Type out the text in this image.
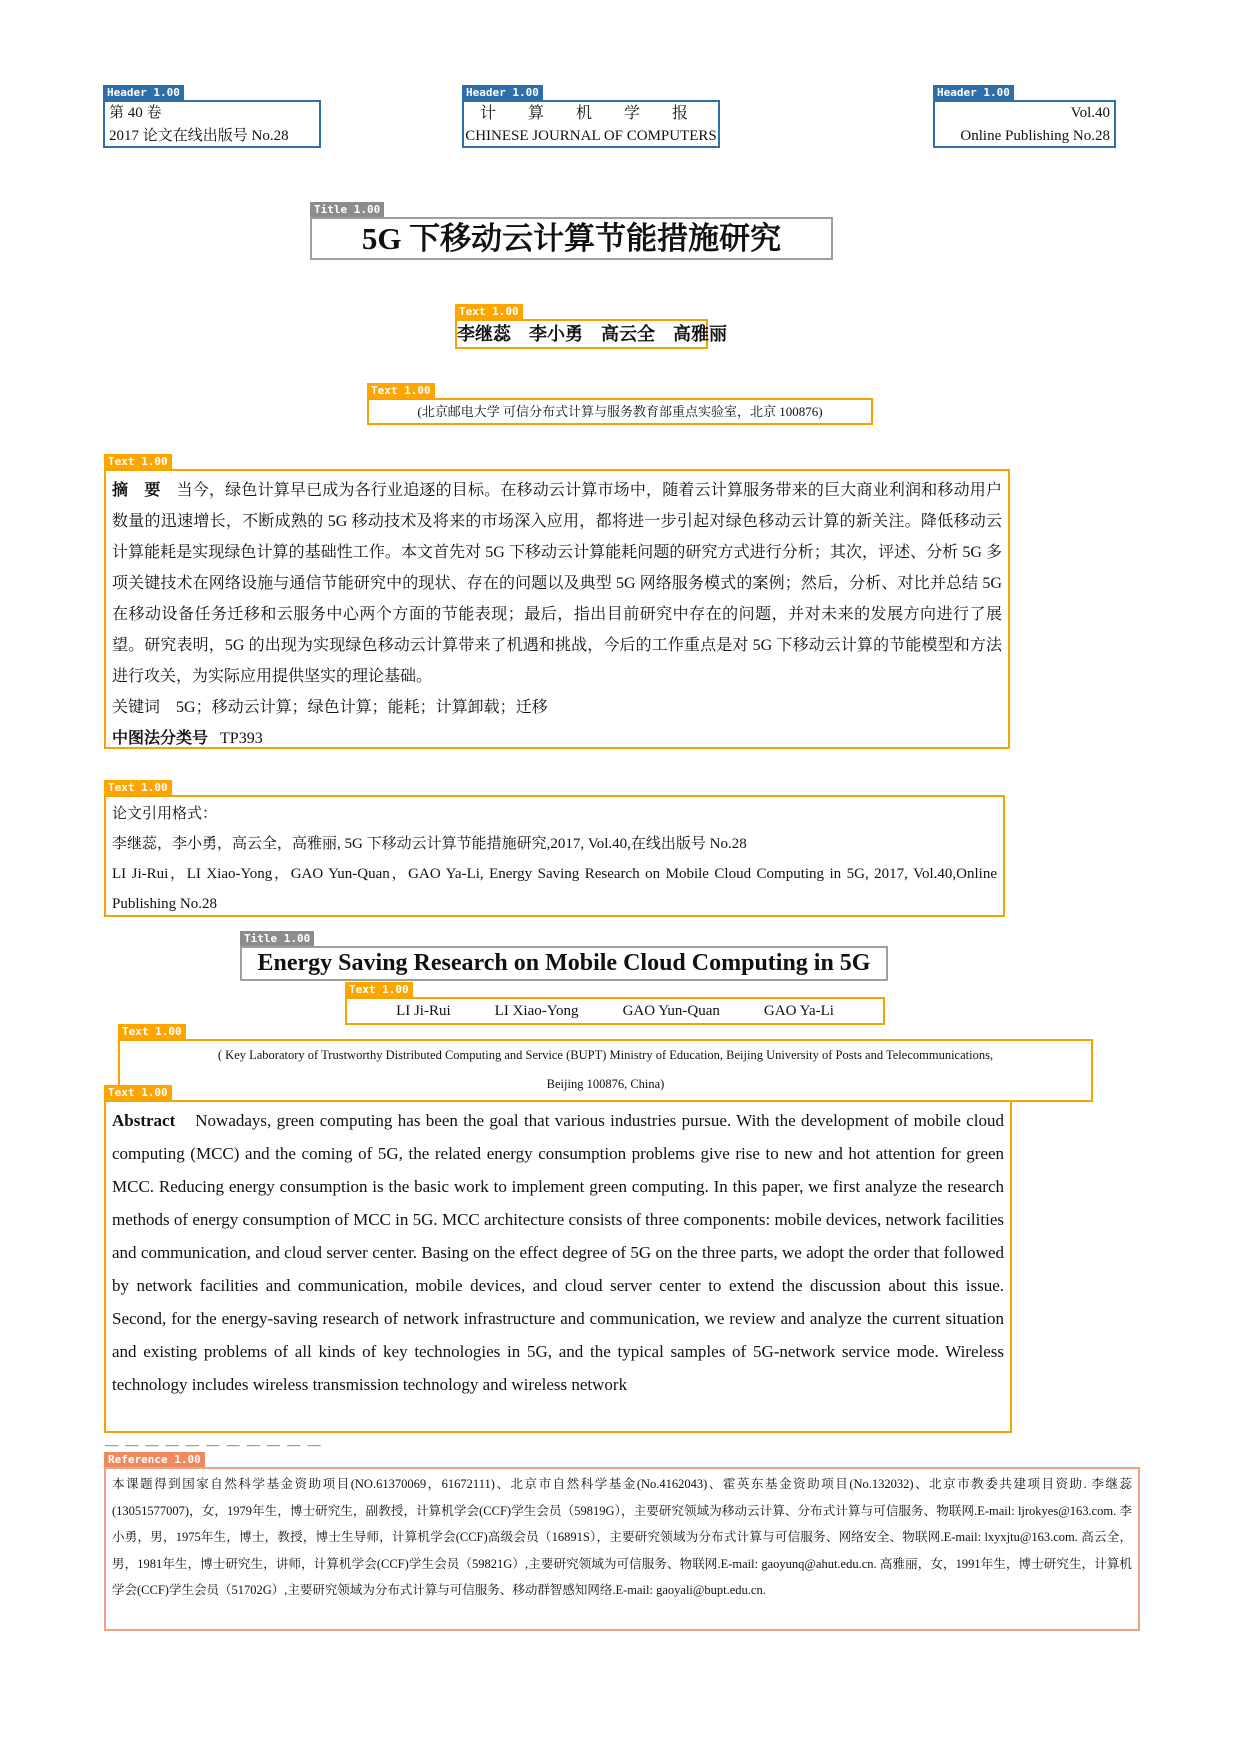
Header 1.00
第 40 卷
2017 论文在线出版号 No.28
Header 1.00
计 算 机 学 报
CHINESE JOURNAL OF COMPUTERS
Header 1.00
Vol.40
Online Publishing No.28
Title 1.00
5G 下移动云计算节能措施研究
Text 1.00
李继蕊　李小勇　高云全　高雅丽
Text 1.00
(北京邮电大学 可信分布式计算与服务教育部重点实验室，北京 100876)
Text 1.00

摘　要 当今，绿色计算早已成为各行业追逐的目标。在移动云计算市场中，随着云计算服务带来的巨大商业利润和移动用户数量的迅速增长，不断成熟的 5G 移动技术及将来的市场深入应用，都将进一步引起对绿色移动云计算的新关注。降低移动云计算能耗是实现绿色计算的基础性工作。本文首先对 5G 下移动云计算能耗问题的研究方式进行分析；其次，评述、分析 5G 多项关键技术在网络设施与通信节能研究中的现状、存在的问题以及典型 5G 网络服务模式的案例；然后，分析、对比并总结 5G 在移动设备任务迁移和云服务中心两个方面的节能表现；最后，指出目前研究中存在的问题，并对未来的发展方向进行了展望。研究表明，5G 的出现为实现绿色移动云计算带来了机遇和挑战，今后的工作重点是对 5G 下移动云计算的节能模型和方法进行攻关，为实际应用提供坚实的理论基础。

关键词 5G；移动云计算；绿色计算；能耗；计算卸载；迁移

中图法分类号 TP393

Text 1.00

论文引用格式：

李继蕊，李小勇，高云全，高雅丽, 5G 下移动云计算节能措施研究,2017, Vol.40,在线出版号 No.28

LI Ji-Rui，LI Xiao-Yong，GAO Yun-Quan，GAO Ya-Li, Energy Saving Research on Mobile Cloud Computing in 5G, 2017, Vol.40,Online Publishing No.28

Title 1.00
Energy Saving Research on Mobile Cloud Computing in 5G
Text 1.00
LI Ji-Rui	LI Xiao-Yong	GAO Yun-Quan	GAO Ya-Li
Text 1.00

( Key Laboratory of Trustworthy Distributed Computing and Service (BUPT) Ministry of Education, Beijing University of Posts and Telecommunications,

Beijing 100876, China)

Text 1.00

Abstract Nowadays, green computing has been the goal that various industries pursue. With the development of mobile cloud computing (MCC) and the coming of 5G, the related energy consumption problems give rise to new and hot attention for green MCC. Reducing energy consumption is the basic work to implement green computing. In this paper, we first analyze the research methods of energy consumption of MCC in 5G. MCC architecture consists of three components: mobile devices, network facilities and communication, and cloud server center. Basing on the effect degree of 5G on the three parts, we adopt the order that followed by network facilities and communication, mobile devices, and cloud server center to extend the discussion about this issue. Second, for the energy-saving research of network infrastructure and communication, we review and analyze the current situation and existing problems of all kinds of key technologies in 5G, and the typical samples of 5G-network service mode. Wireless technology includes wireless transmission technology and wireless network

— — — — — — — — — — —
Reference 1.00

本课题得到国家自然科学基金资助项目(NO.61370069，61672111)、北京市自然科学基金(No.4162043)、霍英东基金资助项目(No.132032)、北京市教委共建项目资助. 李继蕊(13051577007)，女，1979年生，博士研究生，副教授，计算机学会(CCF)学生会员（59819G），主要研究领域为移动云计算、分布式计算与可信服务、物联网.E-mail: ljrokyes@163.com. 李小勇，男，1975年生，博士，教授，博士生导师，计算机学会(CCF)高级会员（16891S），主要研究领域为分布式计算与可信服务、网络安全、物联网.E-mail: lxyxjtu@163.com. 高云全，男，1981年生，博士研究生，讲师，计算机学会(CCF)学生会员（59821G）,主要研究领域为可信服务、物联网.E-mail: gaoyunq@ahut.edu.cn. 高雅丽，女，1991年生，博士研究生，计算机学会(CCF)学生会员（51702G）,主要研究领域为分布式计算与可信服务、移动群智感知网络.E-mail: gaoyali@bupt.edu.cn.
